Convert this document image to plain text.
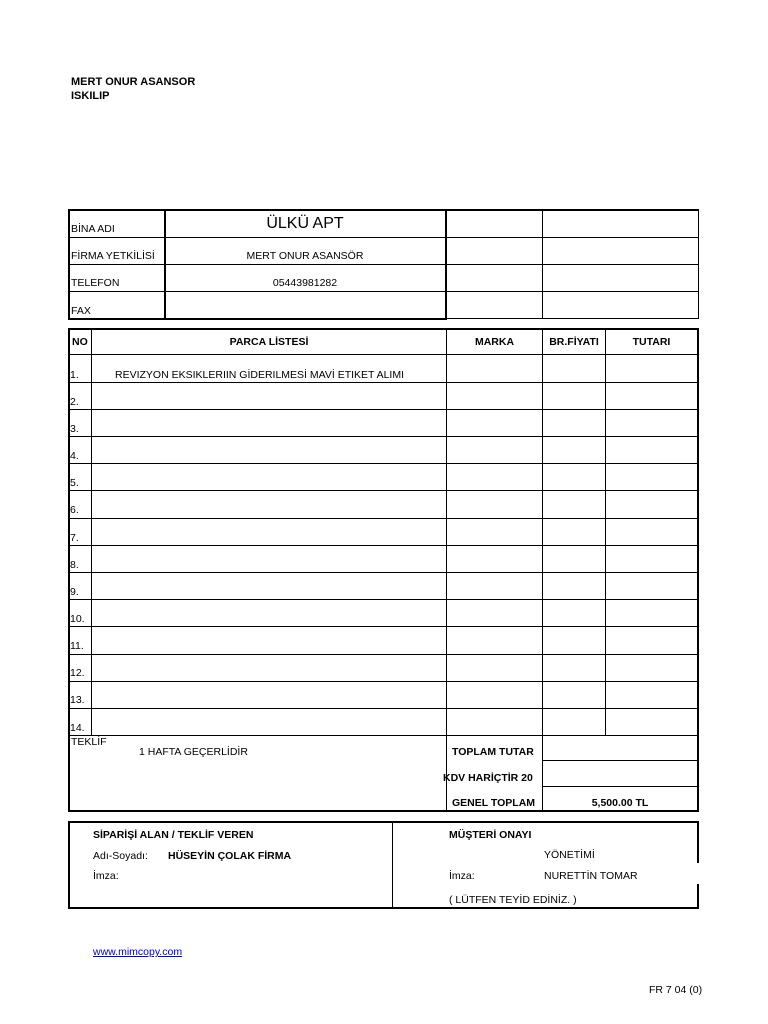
MERT ONUR ASANSOR
ISKILIP
BİNA ADI	ÜLKÜ APT
FİRMA YETKİLİSİ	MERT ONUR ASANSÖR
TELEFON	05443981282
FAX
NO	PARCA LİSTESİ	MARKA	BR.FİYATI	TUTARI
1.	REVIZYON EKSIKLERIIN GİDERILMESİ MAVİ ETIKET ALIMI
2.
3.
4.
5.
6.
7.
8.
9.
10.
11.
12.
13.
14.
TEKLİF
1 HAFTA GEÇERLİDİR	TOPLAM TUTAR
KDV HARİÇTİR 20
GENEL TOPLAM	5,500.00 TL
SİPARİŞİ ALAN / TEKLİF VEREN
Adı-Soyadı: HÜSEYİN ÇOLAK FİRMA
İmza:
MÜŞTERİ ONAYI
YÖNETİMİ
İmza:	NURETTİN TOMAR
( LÜTFEN TEYİD EDİNİZ. )
www.mimcopy.com
FR 7 04 (0)
